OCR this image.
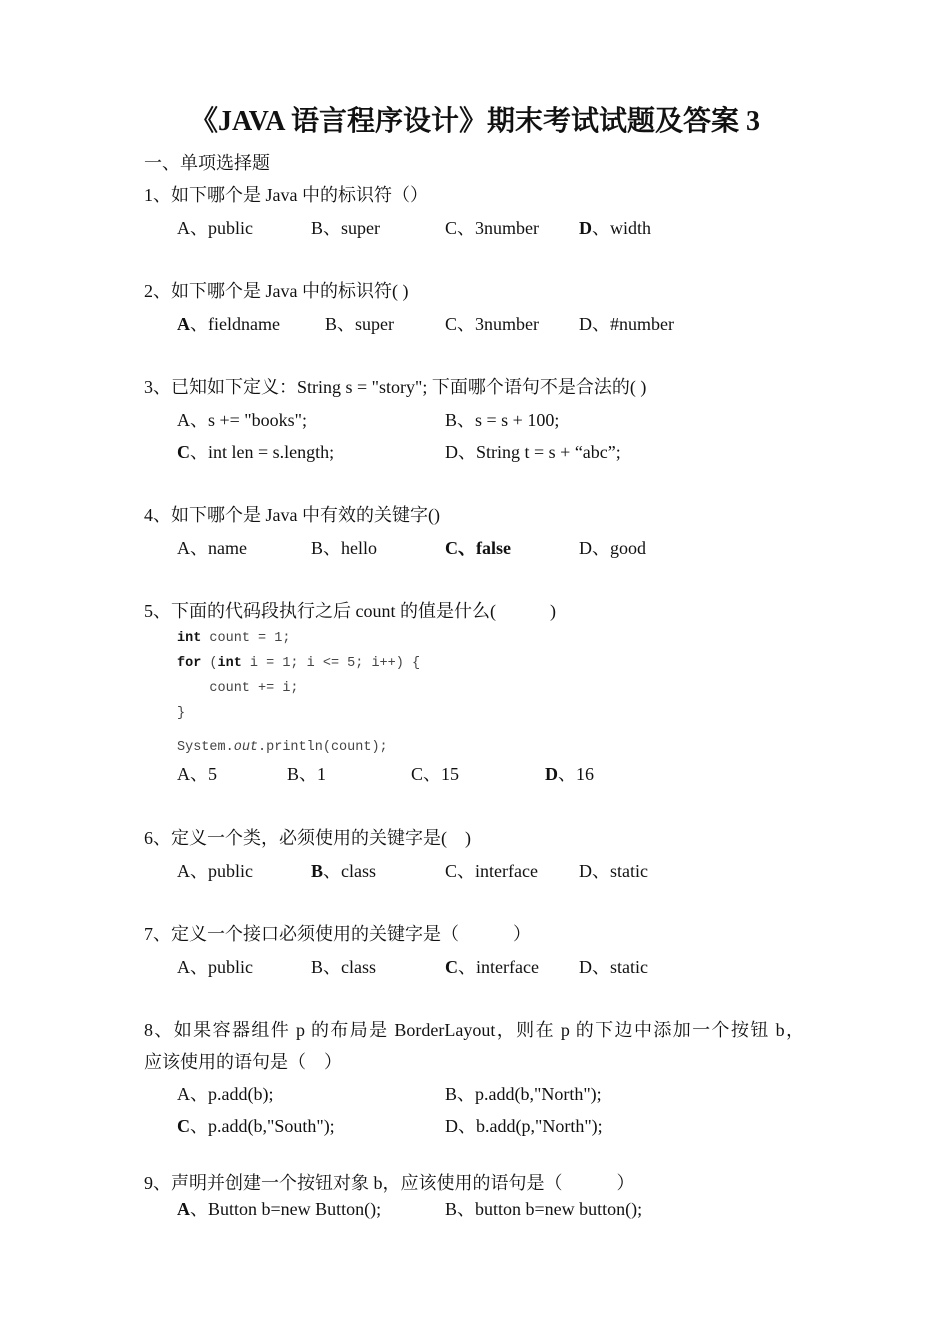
《JAVA 语言程序设计》期末考试试题及答案 3
一、单项选择题
1、如下哪个是 Java 中的标识符（）
A、public	B、super	C、3number D、width
2、如下哪个是 Java 中的标识符( )
A、fieldname	B、super	C、3number D、#number
3、已知如下定义：String s = "story"; 下面哪个语句不是合法的( )
A、s += "books";	B、s = s + 100;
C、int len = s.length;	D、String t = s + “abc”;
4、如下哪个是 Java 中有效的关键字()
A、name	B、hello	C、false	D、good
5、下面的代码段执行之后 count 的值是什么(　　　)
int count = 1;
for (int i = 1; i <= 5; i++) {
count += i;
}
System.out.println(count);
A、5	B、1	C、15	D、16
6、定义一个类，必须使用的关键字是(　)
A、public	B、class	C、interface D、static
7、定义一个接口必须使用的关键字是（　　　）
A、public	B、class	C、interface D、static
8、如果容器组件 p 的布局是 BorderLayout，则在 p 的下边中添加一个按钮 b，
应该使用的语句是（　）
A、p.add(b);	B、p.add(b,"North");
C、p.add(b,"South");	D、b.add(p,"North");
9、声明并创建一个按钮对象 b，应该使用的语句是（　　　）
A、Button b=new Button();	B、button b=new button();
